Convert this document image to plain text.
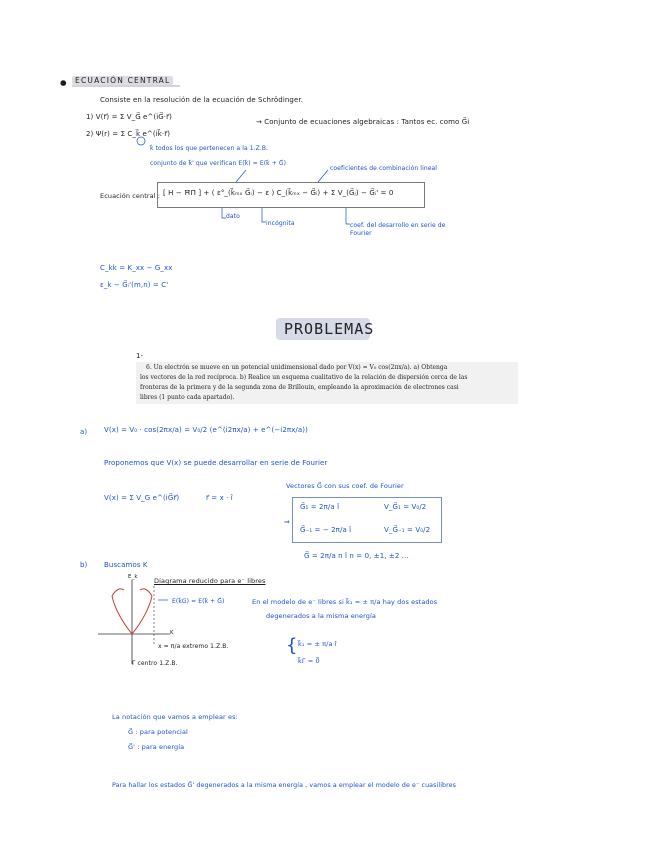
● ECUACIÓN CENTRAL
Consiste en la resolución de la ecuación de Schrödinger.
1) V(r⃗) = Σ V_G⃗ e^(iG⃗·r⃗)
2) Ψ(r) = Σ C_k⃗ e^(ik⃗·r⃗)
→ Conjunto de ecuaciones algebraicas : Tantos ec. como G⃗i
k⃗ todos los que pertenecen a la 1.Z.B.
conjunto de k⃗' que verifican E(k⃗) = E(k⃗ + G⃗)
coeficientes de combinación lineal
Ecuación central : [ H − ĦΠ ] + ( ε°_(k⃗ₘₓ G⃗ᵢ) − ε ) C_(k⃗ₘₓ − G⃗ᵢ) + Σ V_(G⃗ⱼ) − G⃗ᵢ' = 0
dato
incógnita	coef. del desarrollo en serie de Fourier
C_kk = K_xx − G_xx
ε_k − G⃗ᵢ'(m,n) = C'
PROBLEMAS
1-
6. Un electrón se mueve en un potencial unidimensional dado por V(x) = V₀ cos(2πx/a). a) Obtenga
los vectores de la red recíproca. b) Realice un esquema cualitativo de la relación de dispersión cerca de las
fronteras de la primera y de la segunda zona de Brillouin, empleando la aproximación de electrones casi
libres (1 punto cada apartado).
a) V(x) = V₀ · cos(2πx/a) = V₀/2 (e^(i2πx/a) + e^(−i2πx/a))
Proponemos que V(x) se puede desarrollar en serie de Fourier
V(x) = Σ V_G e^(iG⃗r⃗)	r⃗ = x · î
Vectores G⃗ con sus coef. de Fourier
⇒
G⃗₁ = 2π/a î	V_G⃗₁ = V₀/2
G⃗₋₁ = − 2π/a î	V_G⃗₋₁ = V₀/2
G⃗ = 2π/a n î n = 0, ±1, ±2 ...
b) Buscamos K
E_k	Diagrama reducido para e⁻ libres
E(k⃗G) = E(k⃗ + G⃗)	En el modelo de e⁻ libres si k⃗₁ = ± π/a hay dos estados
degenerados a la misma energía
K
x = π/a extremo 1.Z.B.
Γ centro 1.Z.B.
{ k⃗₁ = ± π/a î
k⃗Γ = 0⃗
La notación que vamos a emplear es:
G⃗ : para potencial
G⃗' : para energía
Para hallar los estados G⃗' degenerados a la misma energía , vamos a emplear el modelo de e⁻ cuasilibres
